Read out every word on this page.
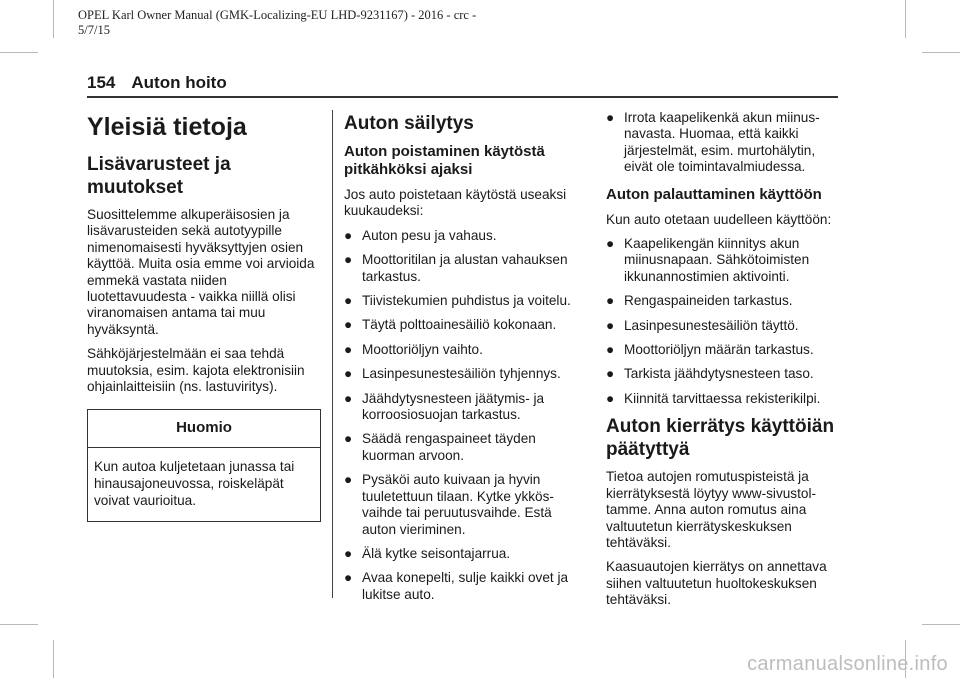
OPEL Karl Owner Manual (GMK-Localizing-EU LHD-9231167) - 2016 - crc -
5/7/15
154 Auton hoito
Yleisiä tietoja
Lisävarusteet ja muutokset

Suosittelemme alkuperäisosien ja lisävarusteiden sekä autotyypille nimenomaisesti hyväksyttyjen osien käyttöä. Muita osia emme voi arvioida emmekä vastata niiden luotettavuudesta - vaikka niillä olisi viranomaisen antama tai muu hyväksyntä.

Sähköjärjestelmään ei saa tehdä muutoksia, esim. kajota elektronisiin ohjainlaitteisiin (ns. lastuviritys).

Huomio
Kun autoa kuljetetaan junassa tai hinausajoneuvossa, roiskeläpät voivat vaurioitua.
Auton säilytys
Auton poistaminen käytöstä pitkähköksi ajaksi

Jos auto poistetaan käytöstä useaksi kuukaudeksi:

● Auton pesu ja vahaus.
● Moottoritilan ja alustan vahauksen tarkastus.
● Tiivistekumien puhdistus ja voitelu.
● Täytä polttoainesäiliö kokonaan.
● Moottoriöljyn vaihto.
● Lasinpesunestesäiliön tyhjennys.
● Jäähdytysnesteen jäätymis- ja korroosiosuojan tarkastus.
● Säädä rengaspaineet täyden kuorman arvoon.
● Pysäköi auto kuivaan ja hyvin tuuletettuun tilaan. Kytke ykkösvaihde tai peruutusvaihde. Estä auton vieriminen.
● Älä kytke seisontajarrua.
● Avaa konepelti, sulje kaikki ovet ja lukitse auto.
● Irrota kaapelikenkä akun miinusnavasta. Huomaa, että kaikki järjestelmät, esim. murtohälytin, eivät ole toimintavalmiudessa.
Auton palauttaminen käyttöön

Kun auto otetaan uudelleen käyttöön:

● Kaapelikengän kiinnitys akun miinusnapaan. Sähkötoimisten ikkunannostimien aktivointi.
● Rengaspaineiden tarkastus.
● Lasinpesunestesäiliön täyttö.
● Moottoriöljyn määrän tarkastus.
● Tarkista jäähdytysnesteen taso.
● Kiinnitä tarvittaessa rekisterikilpi.
Auton kierrätys käyttöiän päätyttyä

Tietoa autojen romutuspisteistä ja kierrätyksestä löytyy www-sivustoltamme. Anna auton romutus aina valtuutetun kierrätyskeskuksen tehtäväksi.

Kaasuautojen kierrätys on annettava siihen valtuutetun huoltokeskuksen tehtäväksi.

carmanualsonline.info
